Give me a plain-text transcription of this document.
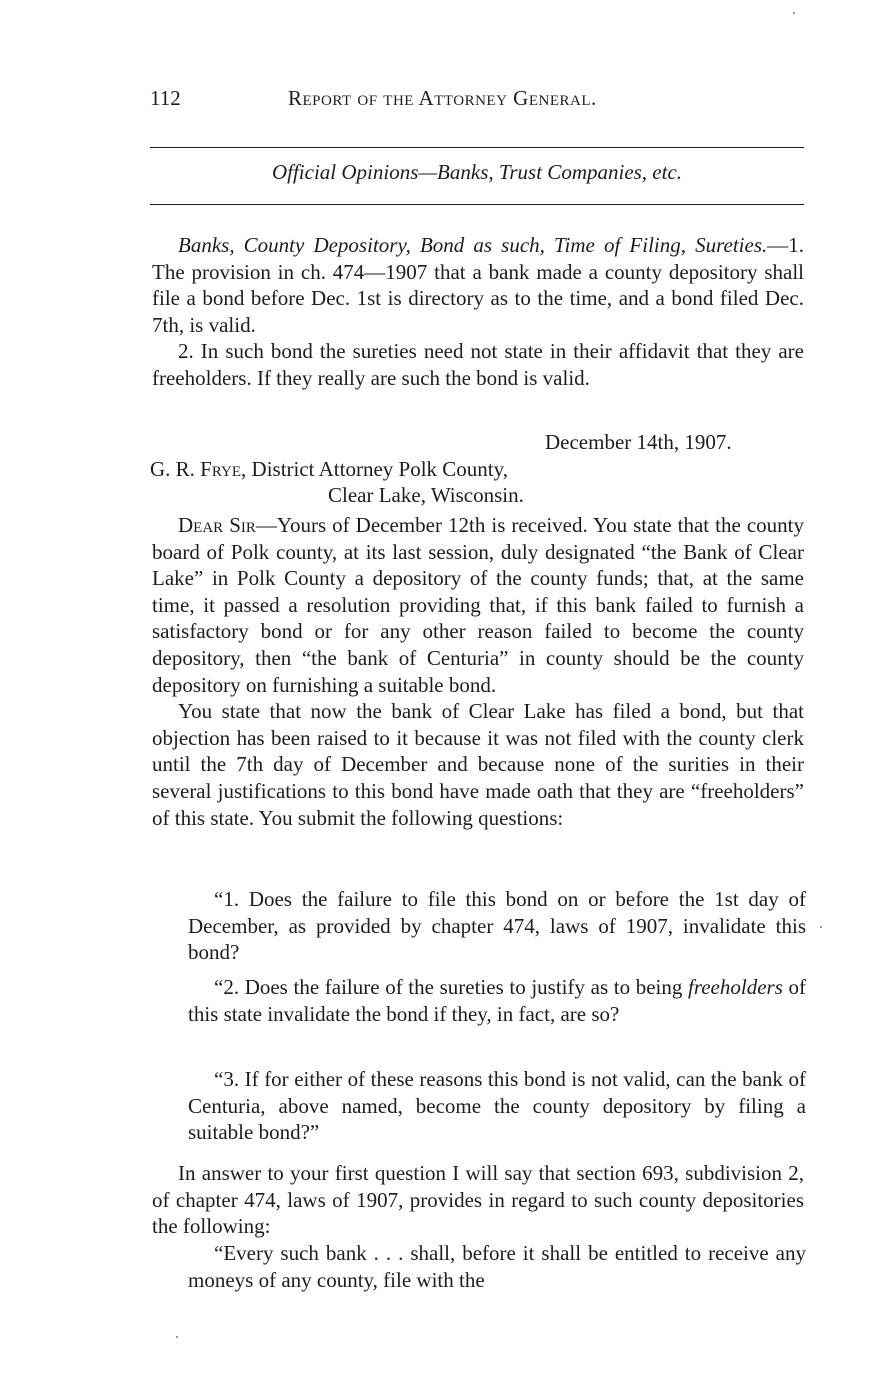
112	Report of the Attorney General.
Official Opinions—Banks, Trust Companies, etc.

Banks, County Depository, Bond as such, Time of Filing, Sureties.—1. The provision in ch. 474—1907 that a bank made a county depository shall file a bond before Dec. 1st is directory as to the time, and a bond filed Dec. 7th, is valid.

2. In such bond the sureties need not state in their affidavit that they are freeholders. If they really are such the bond is valid.

December 14th, 1907.
G. R. Frye, District Attorney Polk County,
Clear Lake, Wisconsin.

Dear Sir—Yours of December 12th is received. You state that the county board of Polk county, at its last session, duly designated “the Bank of Clear Lake” in Polk County a depository of the county funds; that, at the same time, it passed a resolution providing that, if this bank failed to furnish a satisfactory bond or for any other reason failed to become the county depository, then “the bank of Centuria” in county should be the county depository on furnishing a suitable bond.

You state that now the bank of Clear Lake has filed a bond, but that objection has been raised to it because it was not filed with the county clerk until the 7th day of December and because none of the surities in their several justifications to this bond have made oath that they are “freeholders” of this state. You submit the following questions:

“1. Does the failure to file this bond on or before the 1st day of December, as provided by chapter 474, laws of 1907, invalidate this bond?

“2. Does the failure of the sureties to justify as to being freeholders of this state invalidate the bond if they, in fact, are so?

“3. If for either of these reasons this bond is not valid, can the bank of Centuria, above named, become the county depository by filing a suitable bond?”

In answer to your first question I will say that section 693, subdivision 2, of chapter 474, laws of 1907, provides in regard to such county depositories the following:

“Every such bank . . . shall, before it shall be entitled to receive any moneys of any county, file with the
